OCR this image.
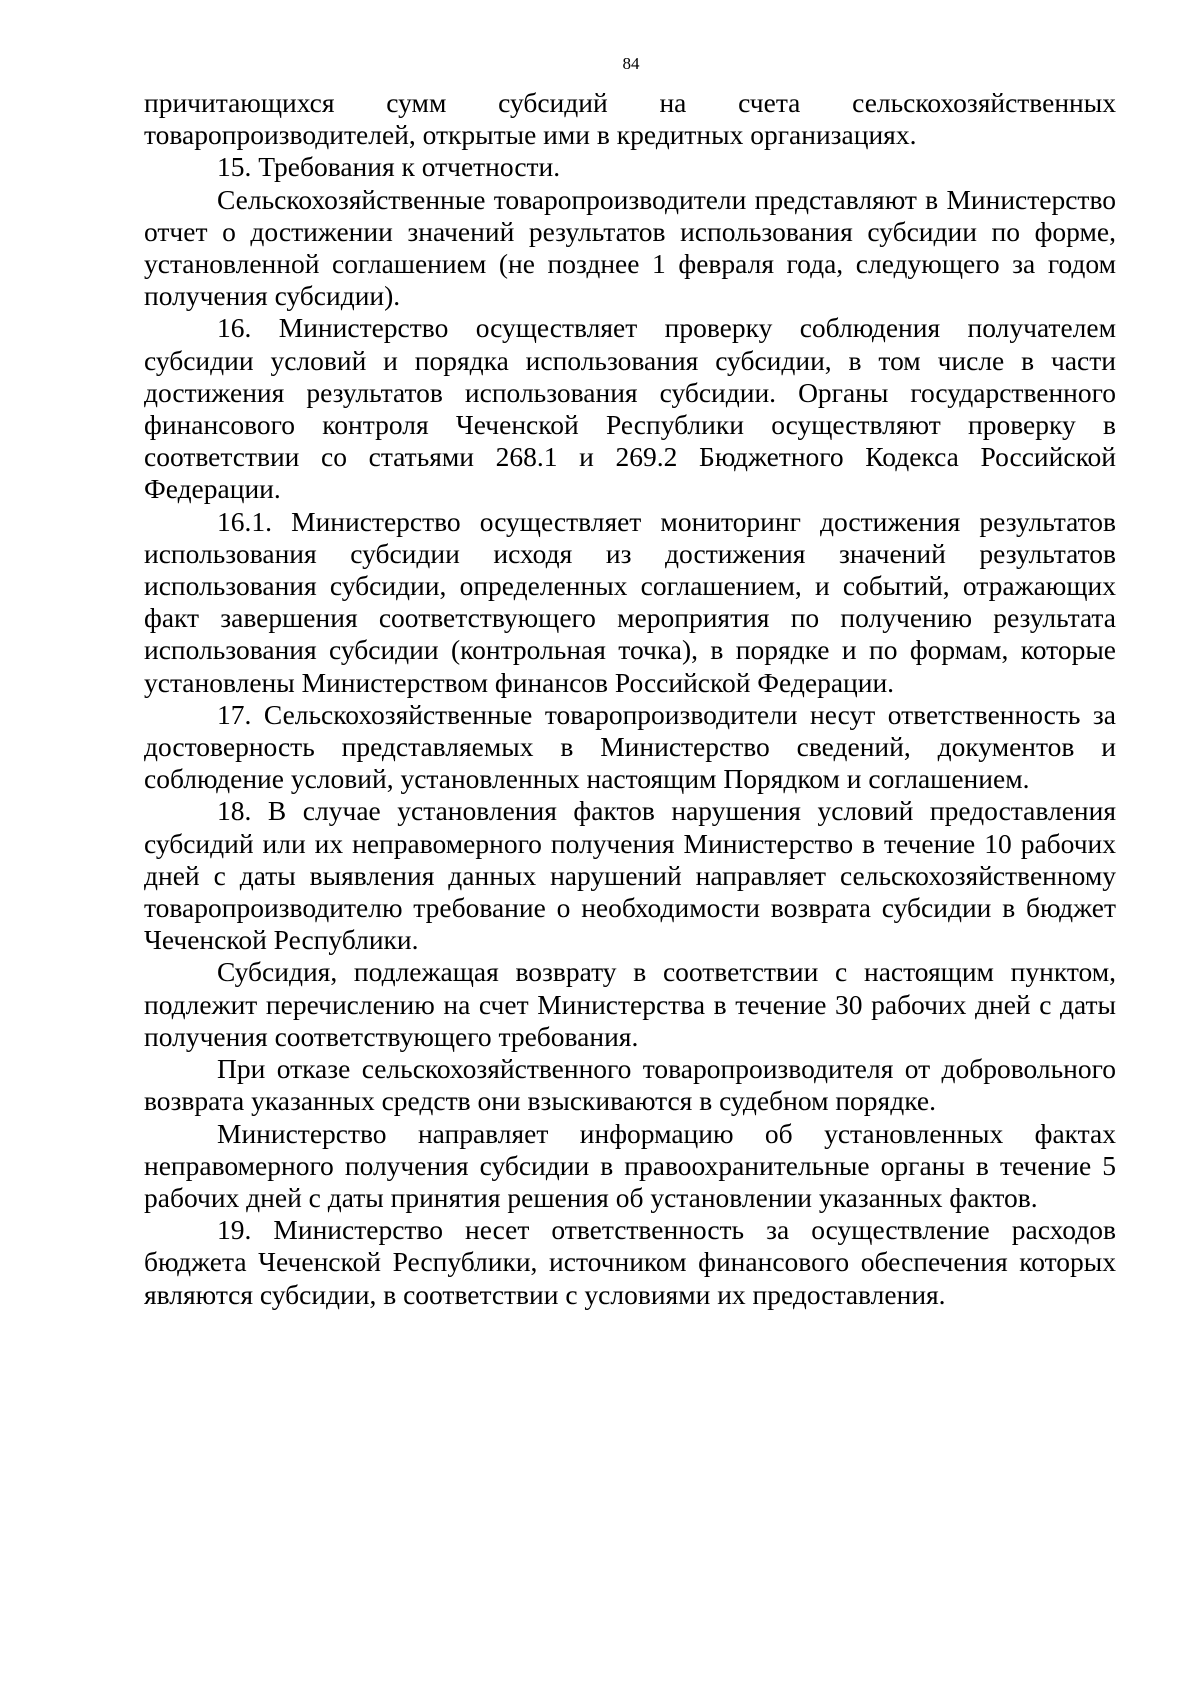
84

причитающихся сумм субсидий на счета сельскохозяйственных товаропроизводителей, открытые ими в кредитных организациях.

15. Требования к отчетности.

Сельскохозяйственные товаропроизводители представляют в Министерство отчет о достижении значений результатов использования субсидии по форме, установленной соглашением (не позднее 1 февраля года, следующего за годом получения субсидии).

16. Министерство осуществляет проверку соблюдения получателем субсидии условий и порядка использования субсидии, в том числе в части достижения результатов использования субсидии. Органы государственного финансового контроля Чеченской Республики осуществляют проверку в соответствии со статьями 268.1 и 269.2 Бюджетного Кодекса Российской Федерации.

16.1. Министерство осуществляет мониторинг достижения результатов использования субсидии исходя из достижения значений результатов использования субсидии, определенных соглашением, и событий, отражающих факт завершения соответствующего мероприятия по получению результата использования субсидии (контрольная точка), в порядке и по формам, которые установлены Министерством финансов Российской Федерации.

17. Сельскохозяйственные товаропроизводители несут ответственность за достоверность представляемых в Министерство сведений, документов и соблюдение условий, установленных настоящим Порядком и соглашением.

18. В случае установления фактов нарушения условий предоставления субсидий или их неправомерного получения Министерство в течение 10 рабочих дней с даты выявления данных нарушений направляет сельскохозяйственному товаропроизводителю требование о необходимости возврата субсидии в бюджет Чеченской Республики.

Субсидия, подлежащая возврату в соответствии с настоящим пунктом, подлежит перечислению на счет Министерства в течение 30 рабочих дней с даты получения соответствующего требования.

При отказе сельскохозяйственного товаропроизводителя от добровольного возврата указанных средств они взыскиваются в судебном порядке.

Министерство направляет информацию об установленных фактах неправомерного получения субсидии в правоохранительные органы в течение 5 рабочих дней с даты принятия решения об установлении указанных фактов.

19. Министерство несет ответственность за осуществление расходов бюджета Чеченской Республики, источником финансового обеспечения которых являются субсидии, в соответствии с условиями их предоставления.
